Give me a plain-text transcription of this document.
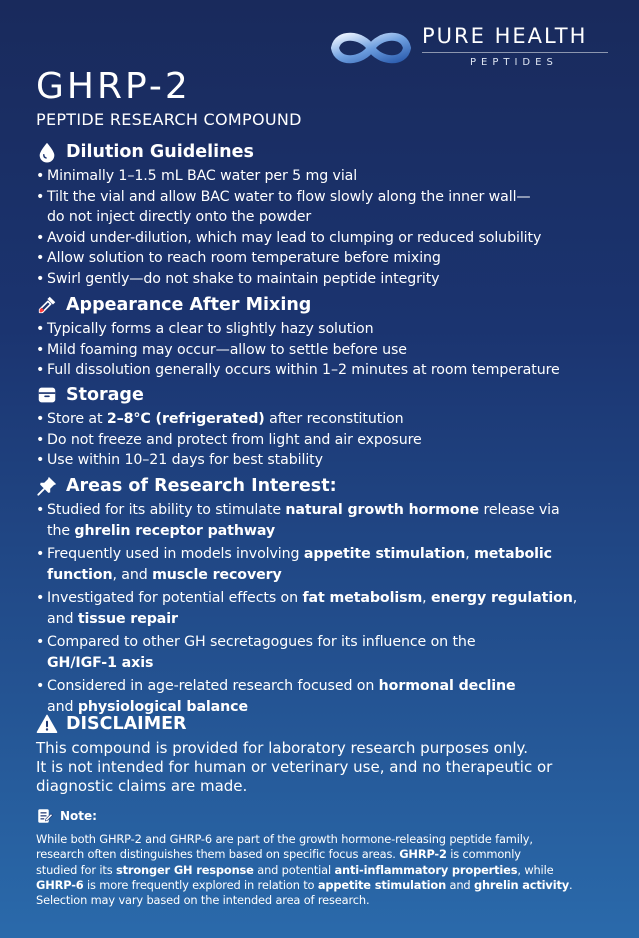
PURE HEALTH
PEPTIDES
GHRP-2
PEPTIDE RESEARCH COMPOUND
Dilution Guidelines
• Minimally 1–1.5 mL BAC water per 5 mg vial
• Tilt the vial and allow BAC water to flow slowly along the inner wall—
do not inject directly onto the powder
• Avoid under-dilution, which may lead to clumping or reduced solubility
• Allow solution to reach room temperature before mixing
• Swirl gently—do not shake to maintain peptide integrity
Appearance After Mixing
• Typically forms a clear to slightly hazy solution
• Mild foaming may occur—allow to settle before use
• Full dissolution generally occurs within 1–2 minutes at room temperature
Storage
• Store at 2–8°C (refrigerated) after reconstitution
• Do not freeze and protect from light and air exposure
• Use within 10–21 days for best stability
Areas of Research Interest:
• Studied for its ability to stimulate natural growth hormone release via
the ghrelin receptor pathway
• Frequently used in models involving appetite stimulation, metabolic
function, and muscle recovery
• Investigated for potential effects on fat metabolism, energy regulation,
and tissue repair
• Compared to other GH secretagogues for its influence on the
GH/IGF-1 axis
• Considered in age-related research focused on hormonal decline
and physiological balance
DISCLAIMER
This compound is provided for laboratory research purposes only.
It is not intended for human or veterinary use, and no therapeutic or
diagnostic claims are made.
Note:
While both GHRP-2 and GHRP-6 are part of the growth hormone-releasing peptide family,
research often distinguishes them based on specific focus areas. GHRP-2 is commonly
studied for its stronger GH response and potential anti-inflammatory properties, while
GHRP-6 is more frequently explored in relation to appetite stimulation and ghrelin activity.
Selection may vary based on the intended area of research.
